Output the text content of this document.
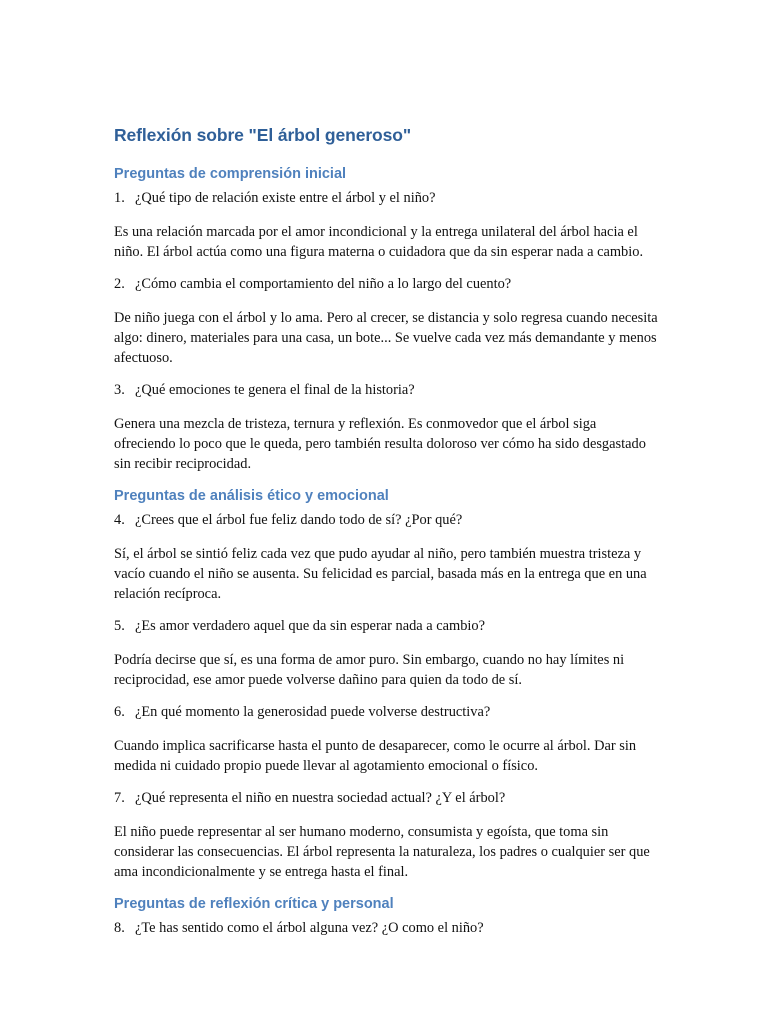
Reflexión sobre "El árbol generoso"
Preguntas de comprensión inicial
1. ¿Qué tipo de relación existe entre el árbol y el niño?

Es una relación marcada por el amor incondicional y la entrega unilateral del árbol hacia el niño. El árbol actúa como una figura materna o cuidadora que da sin esperar nada a cambio.

2. ¿Cómo cambia el comportamiento del niño a lo largo del cuento?

De niño juega con el árbol y lo ama. Pero al crecer, se distancia y solo regresa cuando necesita algo: dinero, materiales para una casa, un bote... Se vuelve cada vez más demandante y menos afectuoso.

3. ¿Qué emociones te genera el final de la historia?

Genera una mezcla de tristeza, ternura y reflexión. Es conmovedor que el árbol siga ofreciendo lo poco que le queda, pero también resulta doloroso ver cómo ha sido desgastado sin recibir reciprocidad.

Preguntas de análisis ético y emocional
4. ¿Crees que el árbol fue feliz dando todo de sí? ¿Por qué?

Sí, el árbol se sintió feliz cada vez que pudo ayudar al niño, pero también muestra tristeza y vacío cuando el niño se ausenta. Su felicidad es parcial, basada más en la entrega que en una relación recíproca.

5. ¿Es amor verdadero aquel que da sin esperar nada a cambio?

Podría decirse que sí, es una forma de amor puro. Sin embargo, cuando no hay límites ni reciprocidad, ese amor puede volverse dañino para quien da todo de sí.

6. ¿En qué momento la generosidad puede volverse destructiva?

Cuando implica sacrificarse hasta el punto de desaparecer, como le ocurre al árbol. Dar sin medida ni cuidado propio puede llevar al agotamiento emocional o físico.

7. ¿Qué representa el niño en nuestra sociedad actual? ¿Y el árbol?

El niño puede representar al ser humano moderno, consumista y egoísta, que toma sin considerar las consecuencias. El árbol representa la naturaleza, los padres o cualquier ser que ama incondicionalmente y se entrega hasta el final.

Preguntas de reflexión crítica y personal
8. ¿Te has sentido como el árbol alguna vez? ¿O como el niño?
